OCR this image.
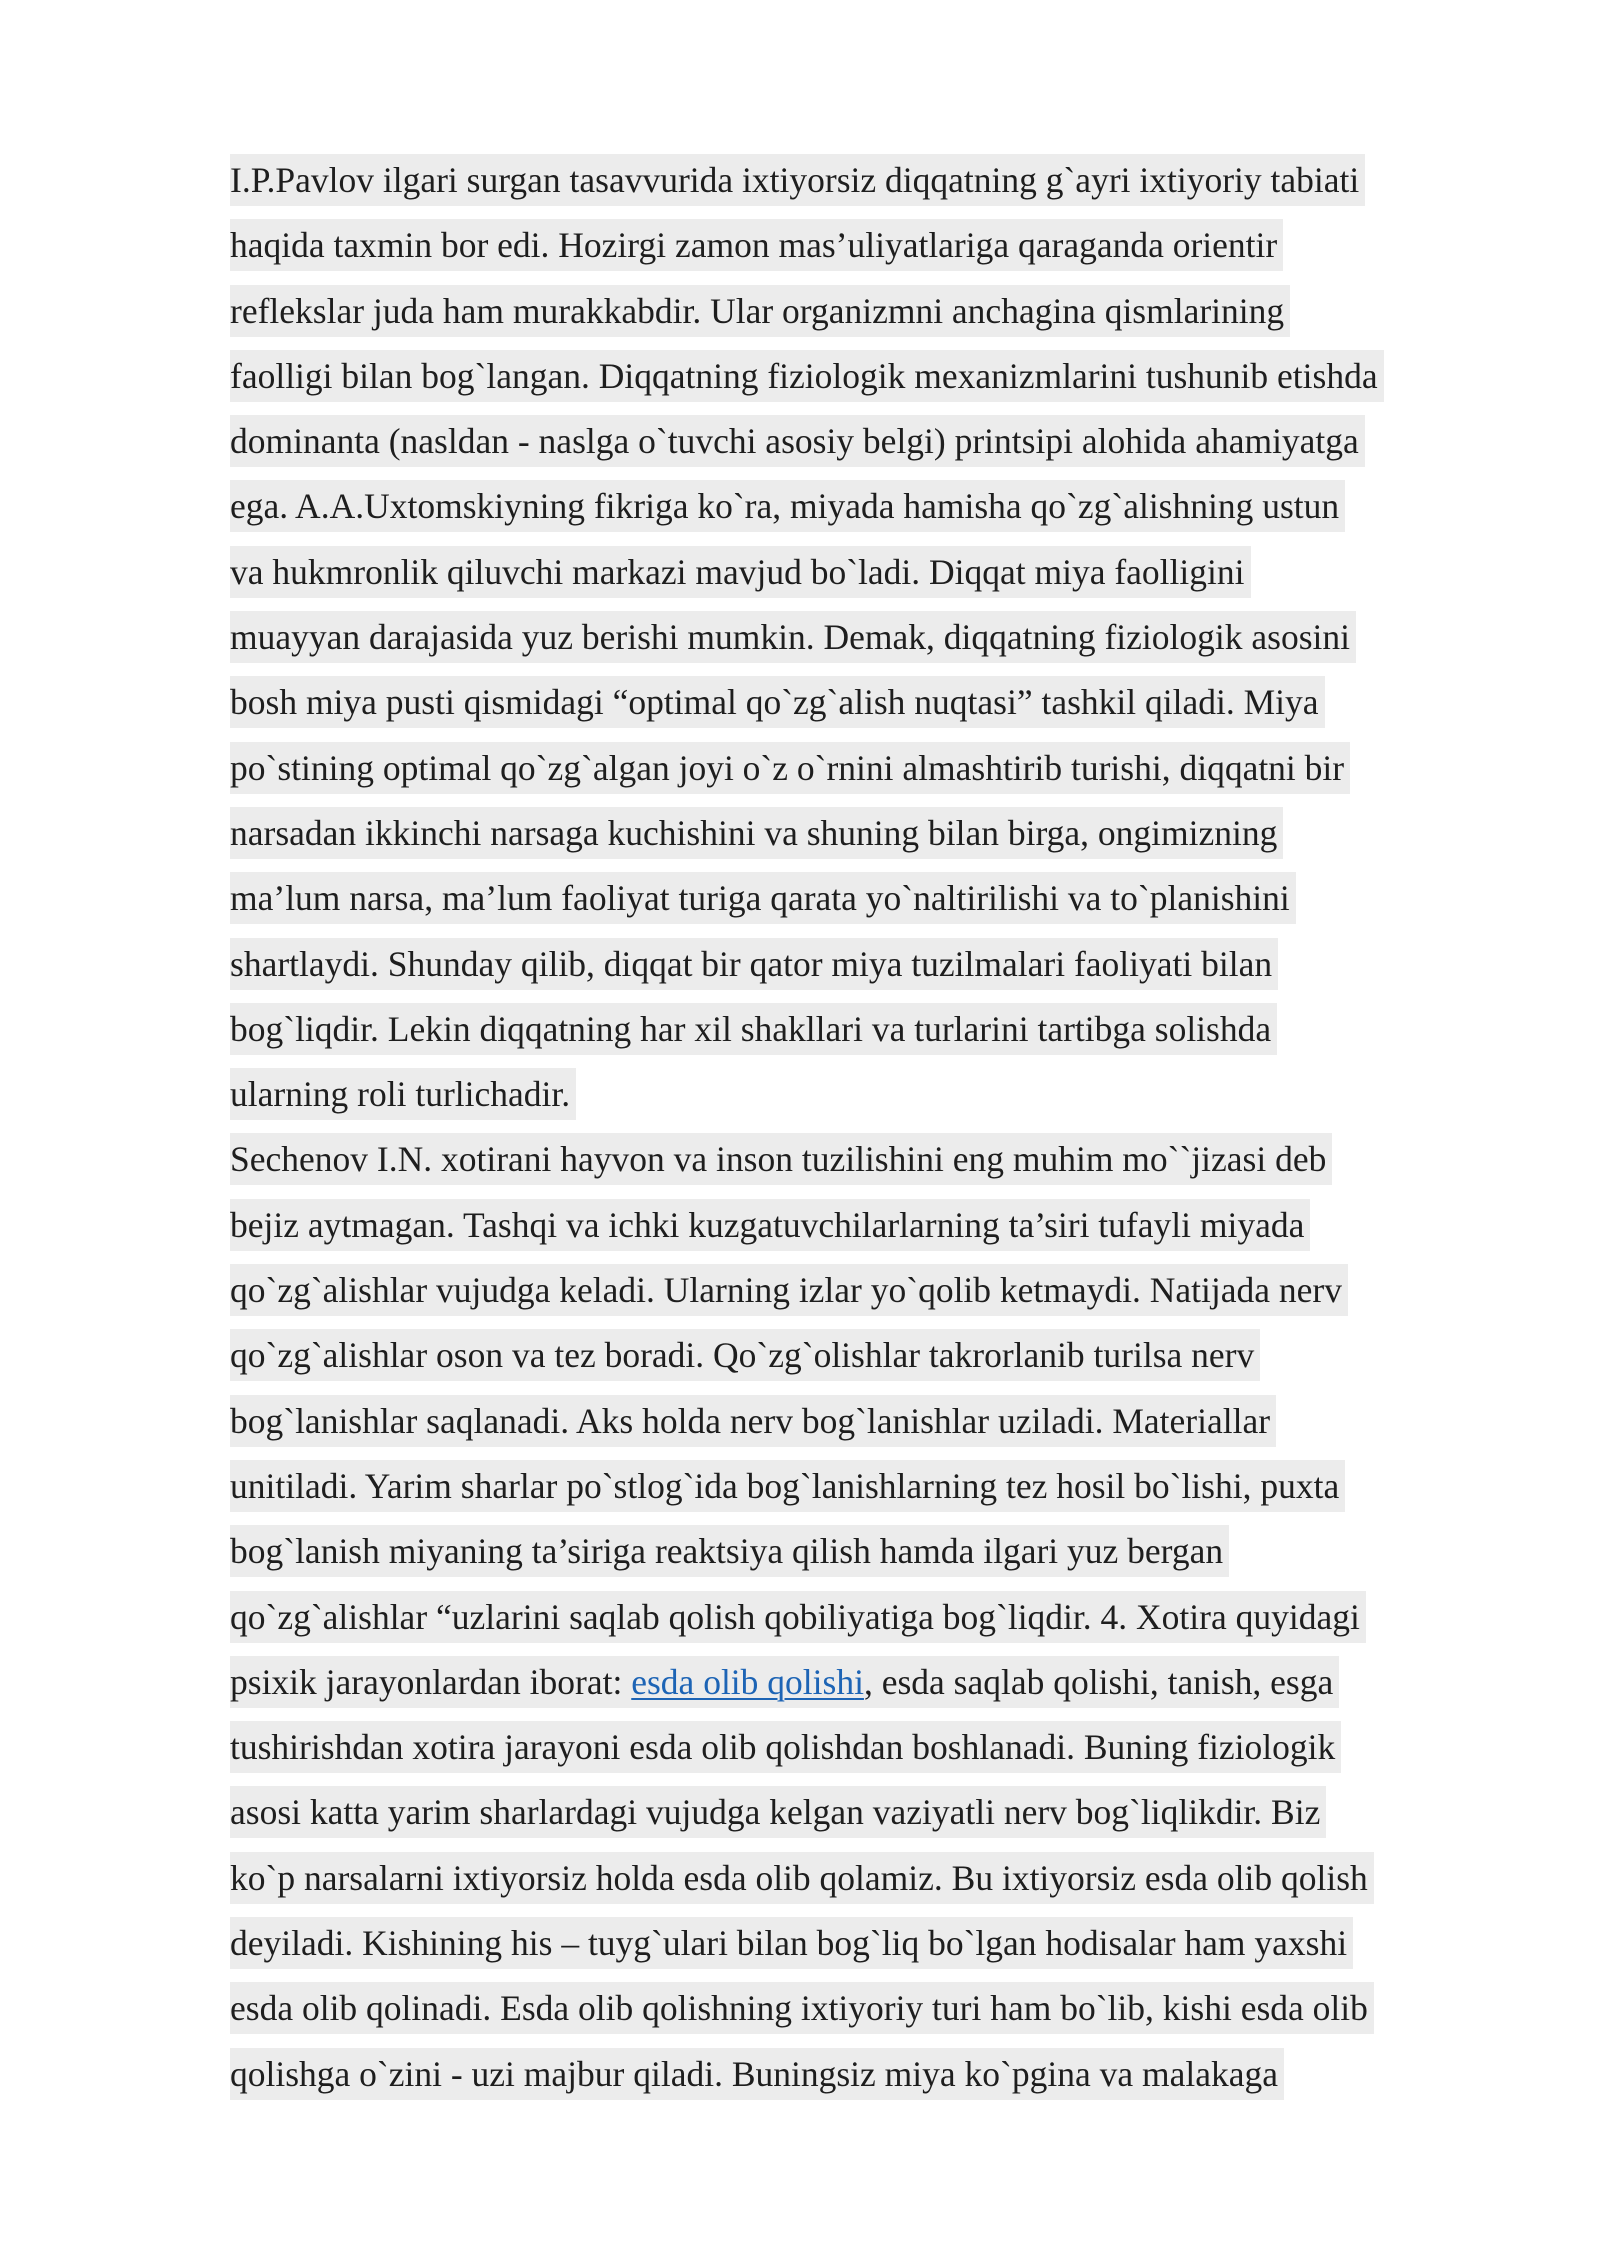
I.P.Pavlov ilgari surgan tasavvurida ixtiyorsiz diqqatning g`ayri ixtiyoriy tabiati
haqida taxmin bor edi. Hozirgi zamon mas’uliyatlariga qaraganda orientir
reflekslar juda ham murakkabdir. Ular organizmni anchagina qismlarining
faolligi bilan bog`langan. Diqqatning fiziologik mexanizmlarini tushunib etishda
dominanta (nasldan - naslga o`tuvchi asosiy belgi) printsipi alohida ahamiyatga
ega. A.A.Uxtomskiyning fikriga ko`ra, miyada hamisha qo`zg`alishning ustun
va hukmronlik qiluvchi markazi mavjud bo`ladi. Diqqat miya faolligini
muayyan darajasida yuz berishi mumkin. Demak, diqqatning fiziologik asosini
bosh miya pusti qismidagi “optimal qo`zg`alish nuqtasi” tashkil qiladi. Miya
po`stining optimal qo`zg`algan joyi o`z o`rnini almashtirib turishi, diqqatni bir
narsadan ikkinchi narsaga kuchishini va shuning bilan birga, ongimizning
ma’lum narsa, ma’lum faoliyat turiga qarata yo`naltirilishi va to`planishini
shartlaydi. Shunday qilib, diqqat bir qator miya tuzilmalari faoliyati bilan
bog`liqdir. Lekin diqqatning har xil shakllari va turlarini tartibga solishda
ularning roli turlichadir.
Sechenov I.N. xotirani hayvon va inson tuzilishini eng muhim mo``jizasi deb
bejiz aytmagan. Tashqi va ichki kuzgatuvchilarlarning ta’siri tufayli miyada
qo`zg`alishlar vujudga keladi. Ularning izlar yo`qolib ketmaydi. Natijada nerv
qo`zg`alishlar oson va tez boradi. Qo`zg`olishlar takrorlanib turilsa nerv
bog`lanishlar saqlanadi. Aks holda nerv bog`lanishlar uziladi. Materiallar
unitiladi. Yarim sharlar po`stlog`ida bog`lanishlarning tez hosil bo`lishi, puxta
bog`lanish miyaning ta’siriga reaktsiya qilish hamda ilgari yuz bergan
qo`zg`alishlar “uzlarini saqlab qolish qobiliyatiga bog`liqdir. 4. Xotira quyidagi
psixik jarayonlardan iborat: esda olib qolishi, esda saqlab qolishi, tanish, esga
tushirishdan xotira jarayoni esda olib qolishdan boshlanadi. Buning fiziologik
asosi katta yarim sharlardagi vujudga kelgan vaziyatli nerv bog`liqlikdir. Biz
ko`p narsalarni ixtiyorsiz holda esda olib qolamiz. Bu ixtiyorsiz esda olib qolish
deyiladi. Kishining his – tuyg`ulari bilan bog`liq bo`lgan hodisalar ham yaxshi
esda olib qolinadi. Esda olib qolishning ixtiyoriy turi ham bo`lib, kishi esda olib
qolishga o`zini - uzi majbur qiladi. Buningsiz miya ko`pgina va malakaga
